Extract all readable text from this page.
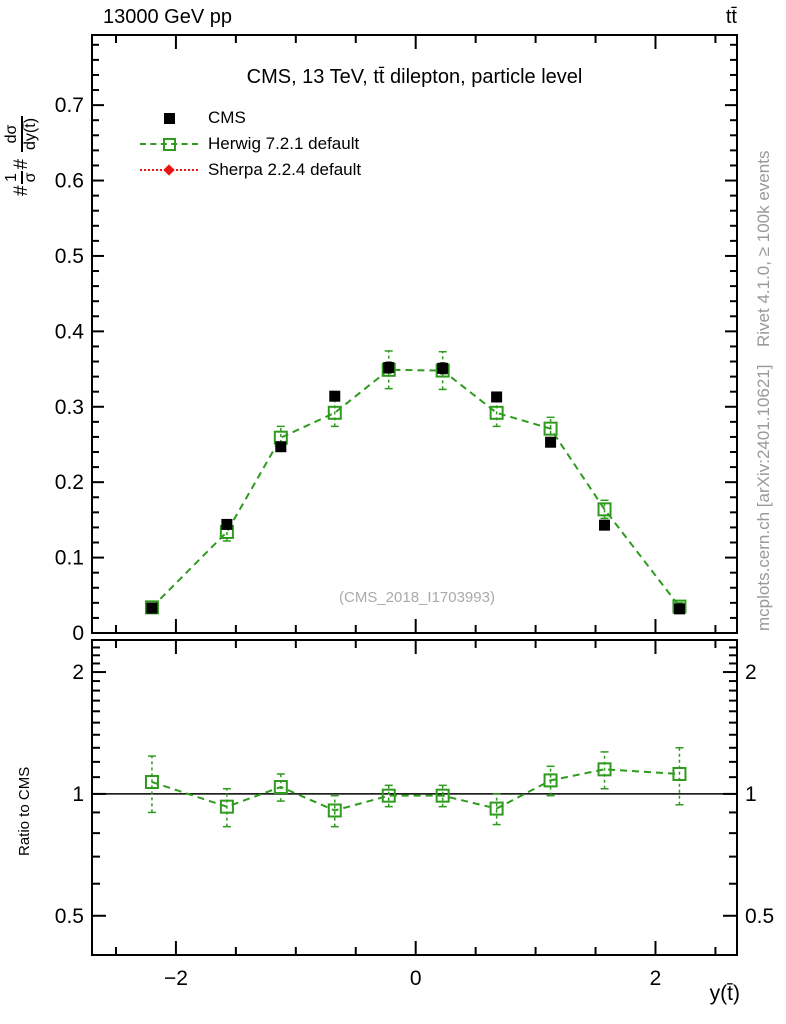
0
0.1
0.2
0.3
0.4
0.5
0.6
0.7
0.5	0.5
1	1
2	2
−2	0	2
13000 GeV pp	tt̄
CMS, 13 TeV, tt̄ dilepton, particle level
#
1 σ
#
dσ dy(t̄)
Ratio to CMS
Rivet 4.1.0, ≥ 100k events
mcplots.cern.ch [arXiv:2401.10621]
(CMS_2018_I1703993)
y(t̄)
CMS
Herwig 7.2.1 default
Sherpa 2.2.4 default
